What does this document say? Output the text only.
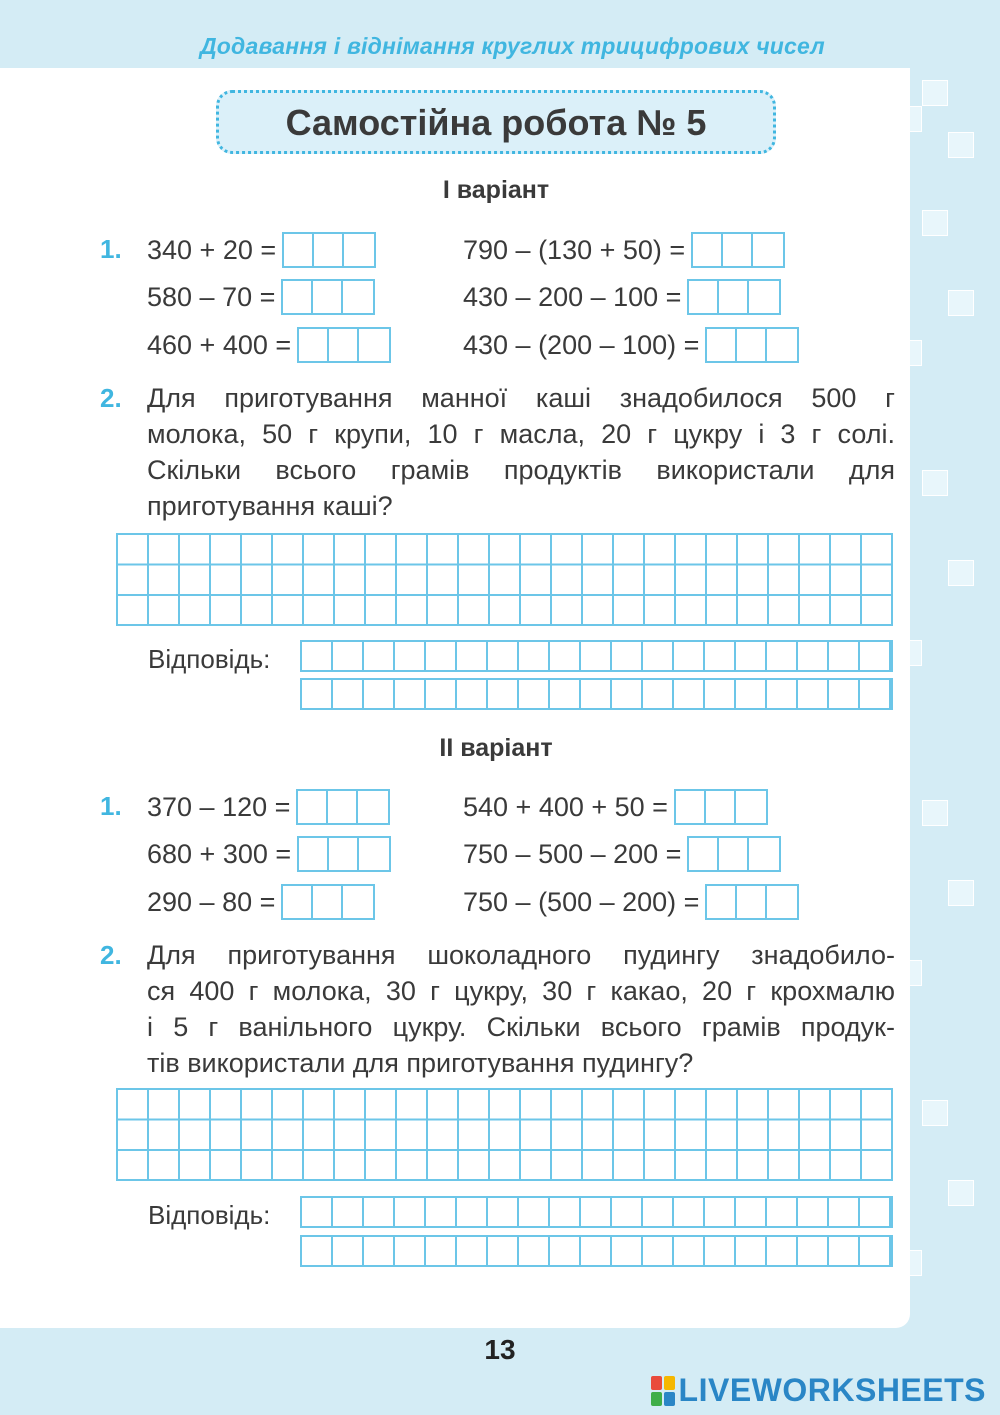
Додавання і віднімання круглих трицифрових чисел
Самостійна робота № 5
І варіант
1. 340 + 20 =
580 – 70 =
460 + 400 =
790 – (130 + 50) =
430 – 200 – 100 =
430 – (200 – 100) =
2. Для приготування манної каші знадобилося 500 г
молока, 50 г крупи, 10 г масла, 20 г цукру і 3 г солі.
Скільки всього грамів продуктів використали для
приготування каші?
Відповідь:
ІІ варіант
1. 370 – 120 =
680 + 300 =
290 – 80 =
540 + 400 + 50 =
750 – 500 – 200 =
750 – (500 – 200) =
2. Для приготування шоколадного пудингу знадобило-
ся 400 г молока, 30 г цукру, 30 г какао, 20 г крохмалю
і 5 г ванільного цукру. Скільки всього грамів продук-
тів використали для приготування пудингу?
Відповідь:
13
LIVEWORKSHEETS
